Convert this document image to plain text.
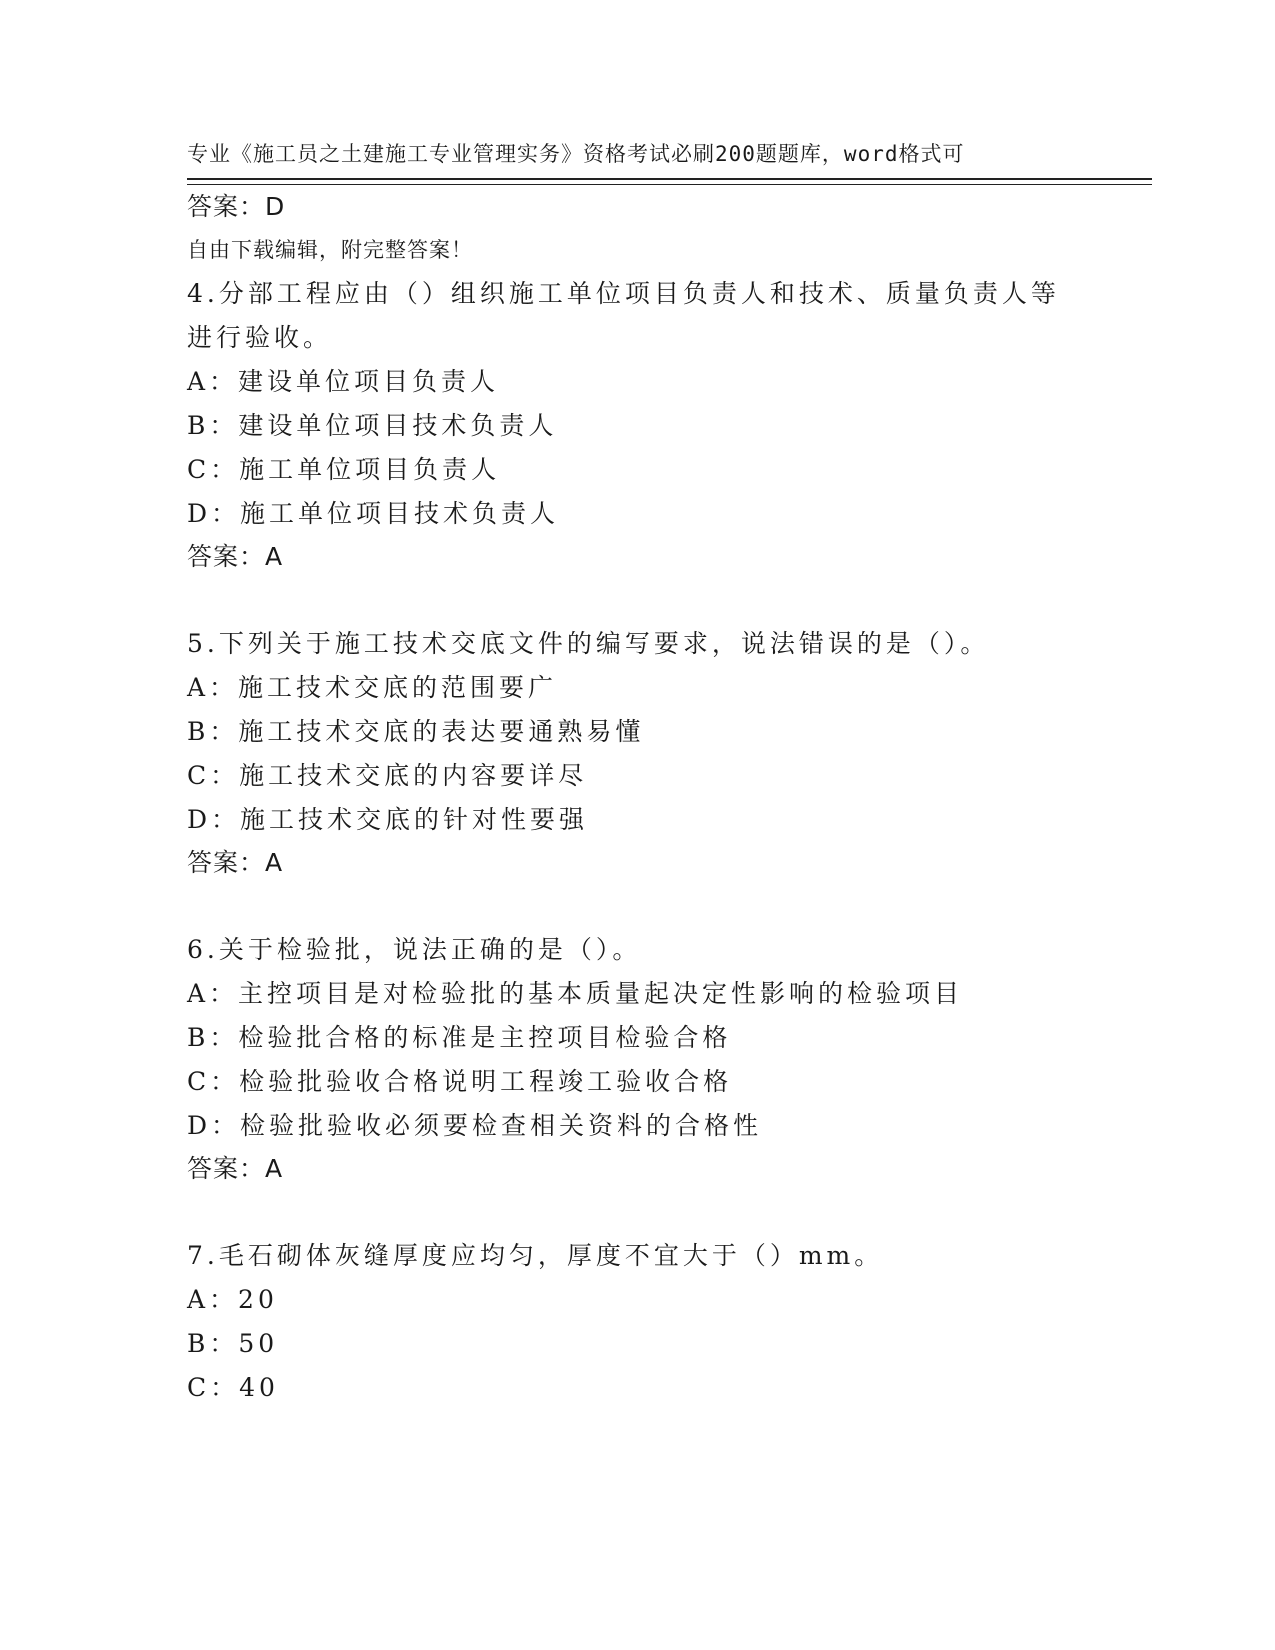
专业《施工员之土建施工专业管理实务》资格考试必刷200题题库，word格式可

自由下载编辑，附完整答案！

答案：D
4.分部工程应由（）组织施工单位项目负责人和技术、质量负责人等
进行验收。
A：建设单位项目负责人
B：建设单位项目技术负责人
C：施工单位项目负责人
D：施工单位项目技术负责人
答案：A
5.下列关于施工技术交底文件的编写要求，说法错误的是（）。
A：施工技术交底的范围要广
B：施工技术交底的表达要通熟易懂
C：施工技术交底的内容要详尽
D：施工技术交底的针对性要强
答案：A
6.关于检验批，说法正确的是（）。
A：主控项目是对检验批的基本质量起决定性影响的检验项目
B：检验批合格的标准是主控项目检验合格
C：检验批验收合格说明工程竣工验收合格
D：检验批验收必须要检查相关资料的合格性
答案：A
7.毛石砌体灰缝厚度应均匀，厚度不宜大于（）mm。
A：20
B：50
C：40
